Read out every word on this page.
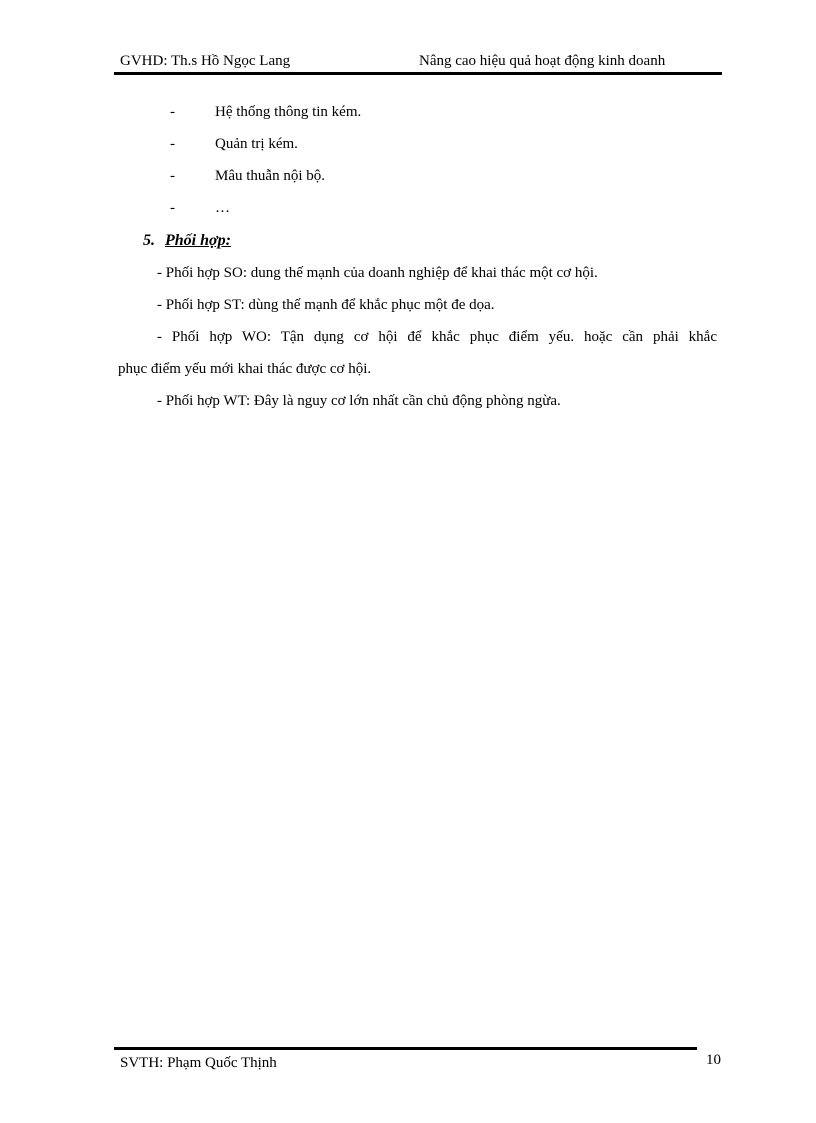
GVHD: Th.s Hồ Ngọc Lang	Nâng cao hiệu quả hoạt động kinh doanh
-	Hệ thống thông tin kém.
-	Quản trị kém.
-	Mâu thuẫn nội bộ.
-	…
5. Phối hợp:
- Phối hợp SO: dung thế mạnh của doanh nghiệp để khai thác một cơ hội.
- Phối hợp ST: dùng thế mạnh để khắc phục một đe dọa.
- Phối hợp WO: Tận dụng cơ hội để khắc phục điểm yếu. hoặc cần phải khắc
phục điểm yếu mới khai thác được cơ hội.
- Phối hợp WT: Đây là nguy cơ lớn nhất cần chủ động phòng ngừa.
SVTH: Phạm Quốc Thịnh	10
